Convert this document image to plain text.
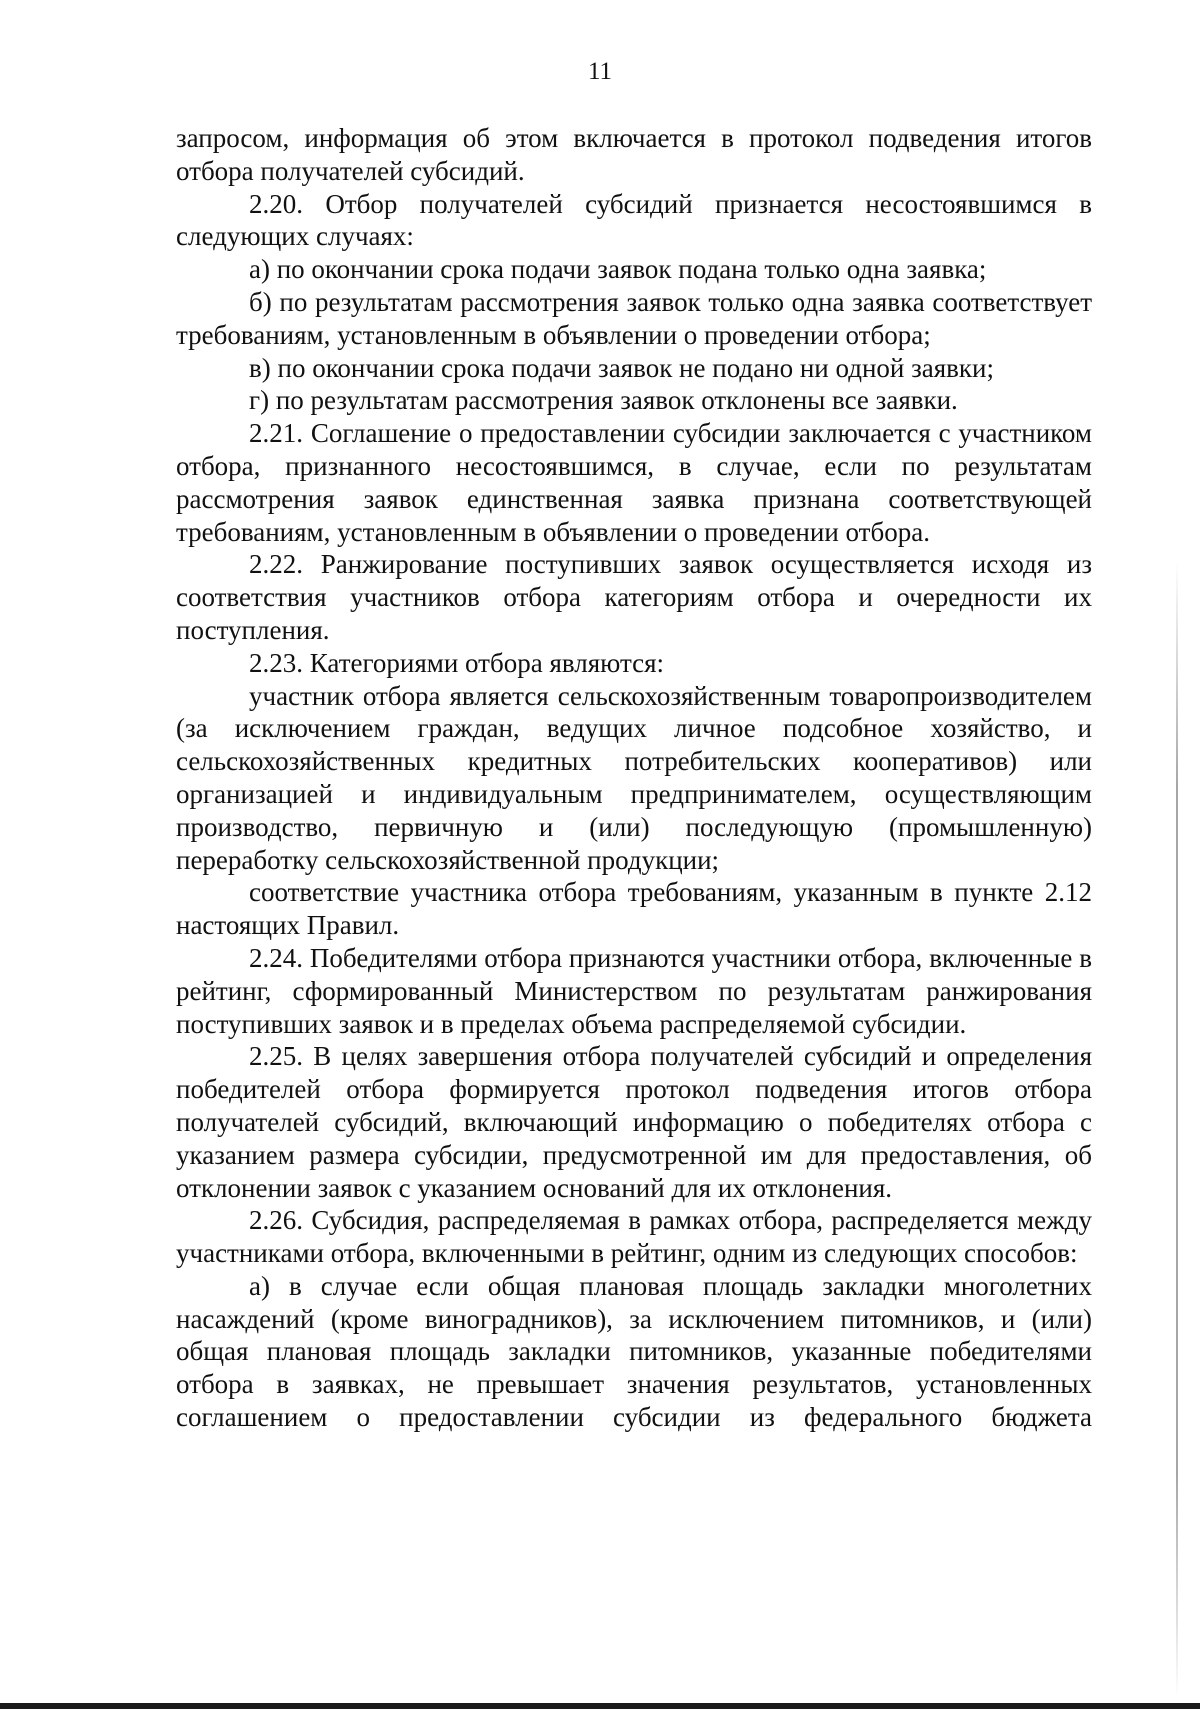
11

запросом, информация об этом включается в протокол подведения итогов отбора получателей субсидий.

2.20. Отбор получателей субсидий признается несостоявшимся в следующих случаях:

а) по окончании срока подачи заявок подана только одна заявка;

б) по результатам рассмотрения заявок только одна заявка соответствует требованиям, установленным в объявлении о проведении отбора;

в) по окончании срока подачи заявок не подано ни одной заявки;

г) по результатам рассмотрения заявок отклонены все заявки.

2.21. Соглашение о предоставлении субсидии заключается с участником отбора, признанного несостоявшимся, в случае, если по результатам рассмотрения заявок единственная заявка признана соответствующей требованиям, установленным в объявлении о проведении отбора.

2.22. Ранжирование поступивших заявок осуществляется исходя из соответствия участников отбора категориям отбора и очередности их поступления.

2.23. Категориями отбора являются:

участник отбора является сельскохозяйственным товаропроизводителем (за исключением граждан, ведущих личное подсобное хозяйство, и сельскохозяйственных кредитных потребительских кооперативов) или организацией и индивидуальным предпринимателем, осуществляющим производство, первичную и (или) последующую (промышленную) переработку сельскохозяйственной продукции;

соответствие участника отбора требованиям, указанным в пункте 2.12 настоящих Правил.

2.24. Победителями отбора признаются участники отбора, включенные в рейтинг, сформированный Министерством по результатам ранжирования поступивших заявок и в пределах объема распределяемой субсидии.

2.25. В целях завершения отбора получателей субсидий и определения победителей отбора формируется протокол подведения итогов отбора получателей субсидий, включающий информацию о победителях отбора с указанием размера субсидии, предусмотренной им для предоставления, об отклонении заявок с указанием оснований для их отклонения.

2.26. Субсидия, распределяемая в рамках отбора, распределяется между участниками отбора, включенными в рейтинг, одним из следующих способов:

а) в случае если общая плановая площадь закладки многолетних насаждений (кроме виноградников), за исключением питомников, и (или) общая плановая площадь закладки питомников, указанные победителями отбора в заявках, не превышает значения результатов, установленных соглашением о предоставлении субсидии из федерального бюджета
